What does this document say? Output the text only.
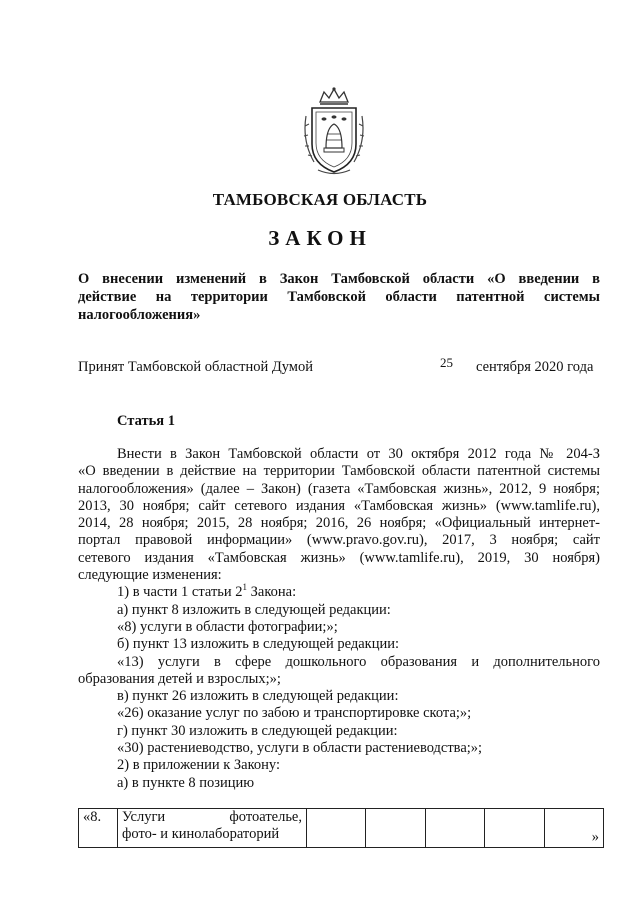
ТАМБОВСКАЯ ОБЛАСТЬ
ЗАКОН
О внесении изменений в Закон Тамбовской области «О введении в
действие на территории Тамбовской области патентной системы
налогообложения»
Принят Тамбовской областной Думой	25 сентября 2020 года
Статья 1
Внести в Закон Тамбовской области от 30 октября 2012 года № 204-З
«О введении в действие на территории Тамбовской области патентной системы
налогообложения» (далее – Закон) (газета «Тамбовская жизнь», 2012, 9 ноября;
2013, 30 ноября; сайт сетевого издания «Тамбовская жизнь» (www.tamlife.ru),
2014, 28 ноября; 2015, 28 ноября; 2016, 26 ноября; «Официальный интернет-
портал правовой информации» (www.pravo.gov.ru), 2017, 3 ноября; сайт
сетевого издания «Тамбовская жизнь» (www.tamlife.ru), 2019, 30 ноября)
следующие изменения:
1) в части 1 статьи $2^1$ Закона:
а) пункт 8 изложить в следующей редакции:
«8) услуги в области фотографии;»;
б) пункт 13 изложить в следующей редакции:
«13) услуги в сфере дошкольного образования и дополнительного
образования детей и взрослых;»;
в) пункт 26 изложить в следующей редакции:
«26) оказание услуг по забою и транспортировке скота;»;
г) пункт 30 изложить в следующей редакции:
«30) растениеводство, услуги в области растениеводства;»;
2) в приложении к Закону:
а) в пункте 8 позицию
«8.	Услуги фотоателье,
фото- и кинолабораторий					»
